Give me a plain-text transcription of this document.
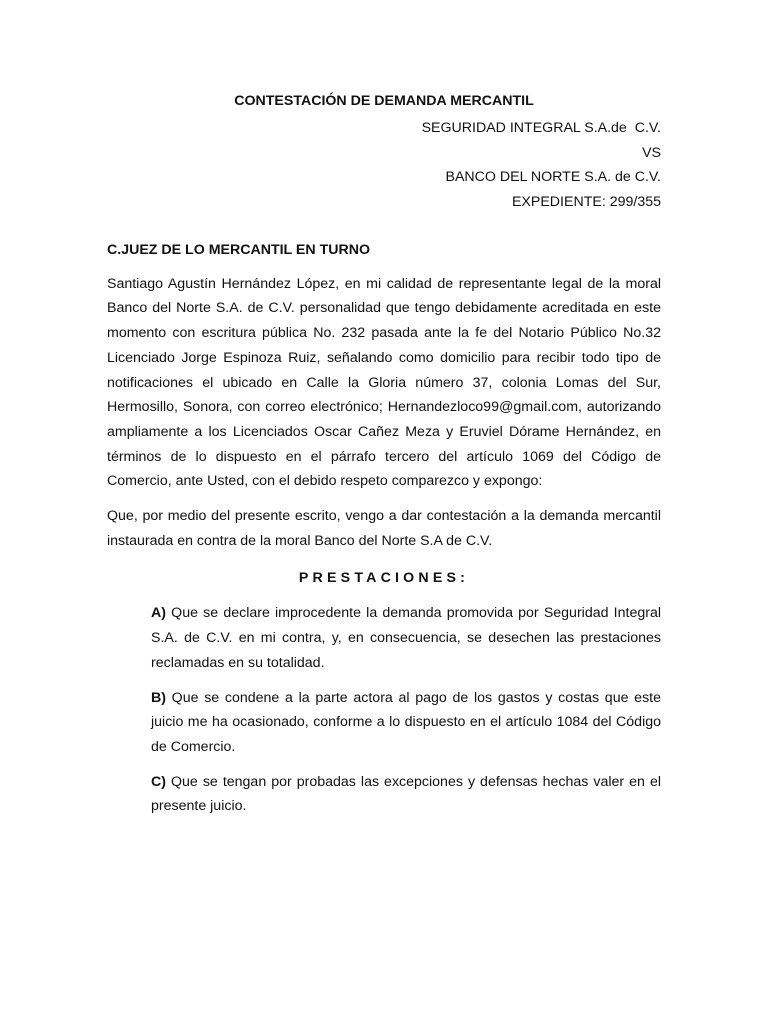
CONTESTACIÓN DE DEMANDA MERCANTIL

SEGURIDAD INTEGRAL S.A.de  C.V.

VS

BANCO DEL NORTE S.A. de C.V.

EXPEDIENTE: 299/355

C.JUEZ DE LO MERCANTIL EN TURNO

Santiago Agustín Hernández López, en mi calidad de representante legal de la moral Banco del Norte S.A. de C.V. personalidad que tengo debidamente acreditada en este momento con escritura pública No. 232 pasada ante la fe del Notario Público No.32 Licenciado Jorge Espinoza Ruiz, señalando como domicilio para recibir todo tipo de notificaciones el ubicado en Calle la Gloria número 37, colonia Lomas del Sur, Hermosillo, Sonora, con correo electrónico; Hernandezloco99@gmail.com, autorizando ampliamente a los Licenciados Oscar Cañez Meza y Eruviel Dórame Hernández, en términos de lo dispuesto en el párrafo tercero del artículo 1069 del Código de Comercio, ante Usted, con el debido respeto comparezco y expongo:

Que, por medio del presente escrito, vengo a dar contestación a la demanda mercantil instaurada en contra de la moral Banco del Norte S.A de C.V.

PRESTACIONES:

A) Que se declare improcedente la demanda promovida por Seguridad Integral S.A. de C.V. en mi contra, y, en consecuencia, se desechen las prestaciones reclamadas en su totalidad.

B) Que se condene a la parte actora al pago de los gastos y costas que este juicio me ha ocasionado, conforme a lo dispuesto en el artículo 1084 del Código de Comercio.

C) Que se tengan por probadas las excepciones y defensas hechas valer en el presente juicio.
